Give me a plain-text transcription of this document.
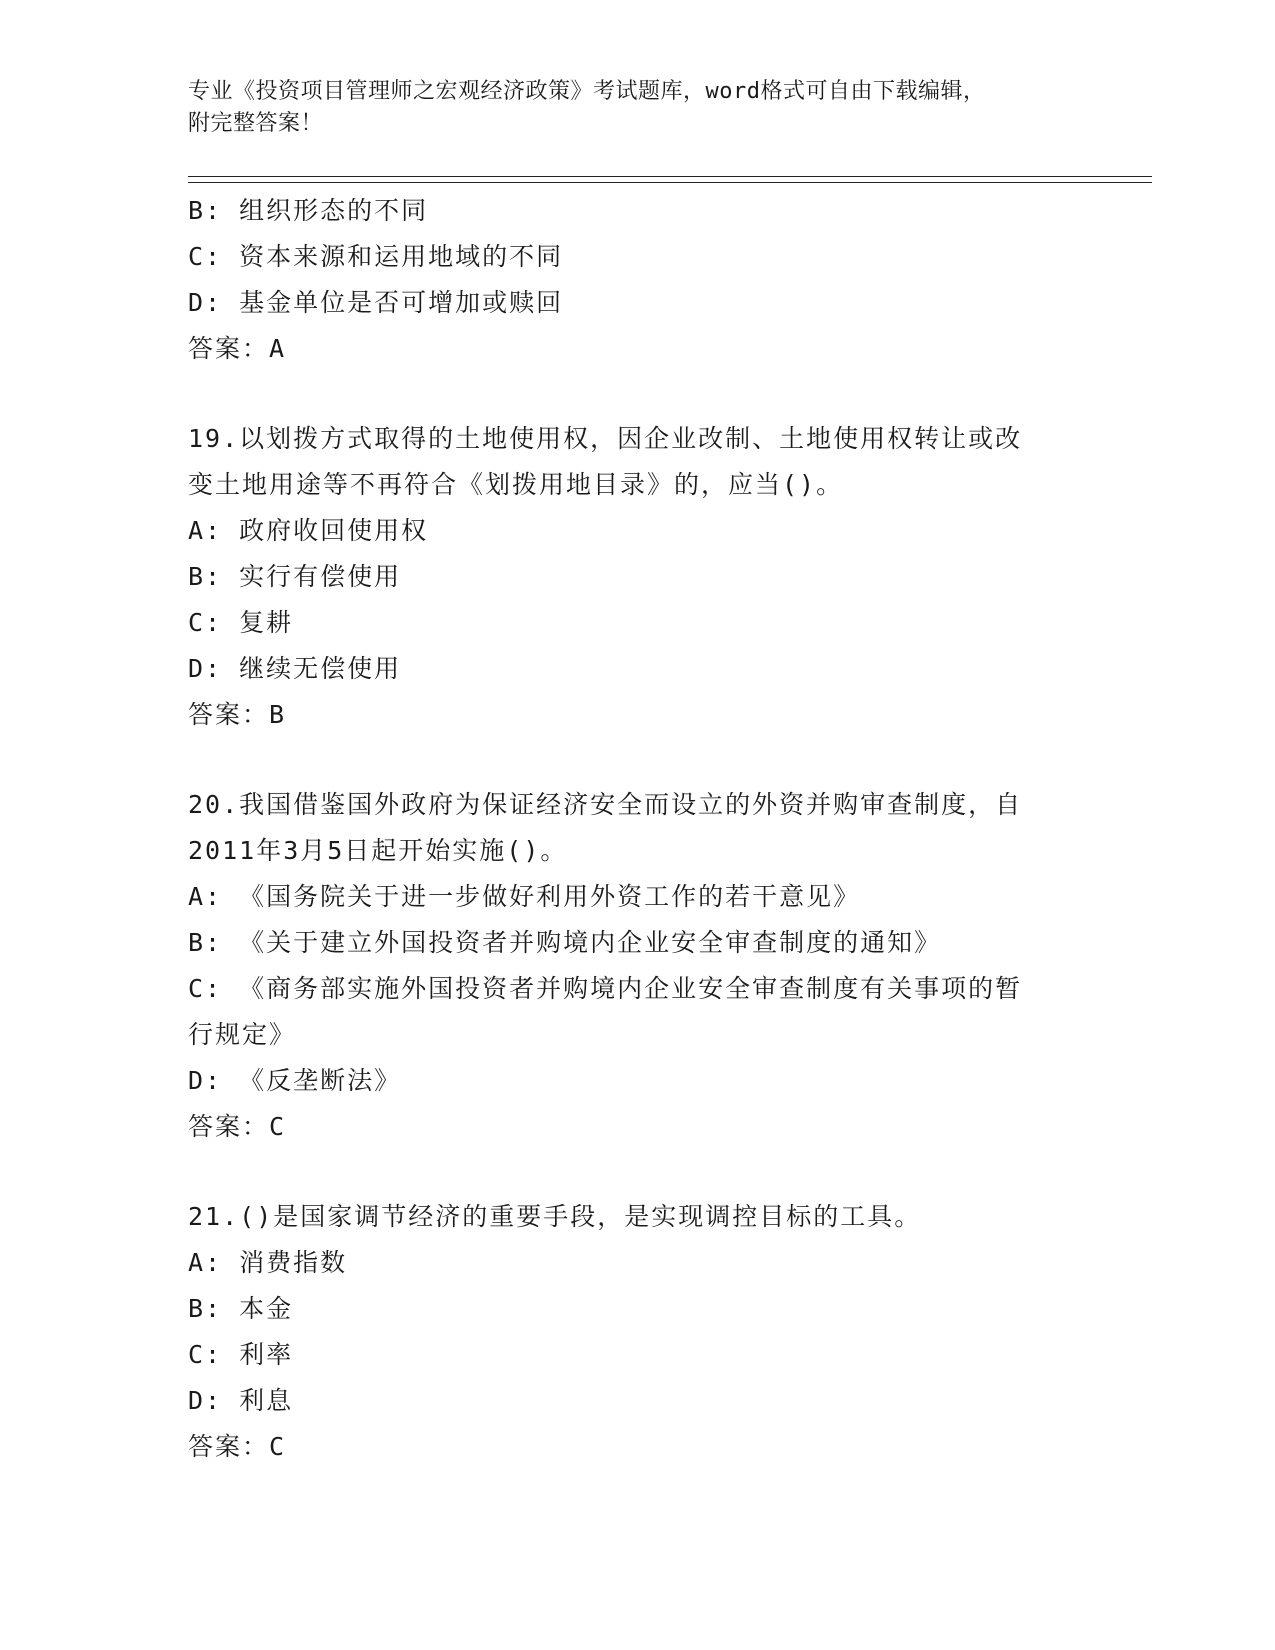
专业《投资项目管理师之宏观经济政策》考试题库，word格式可自由下载编辑，
附完整答案！
B: 组织形态的不同
C: 资本来源和运用地域的不同
D: 基金单位是否可增加或赎回
答案：A
19.以划拨方式取得的土地使用权，因企业改制、土地使用权转让或改
变土地用途等不再符合《划拨用地目录》的，应当()。
A: 政府收回使用权
B: 实行有偿使用
C: 复耕
D: 继续无偿使用
答案：B
20.我国借鉴国外政府为保证经济安全而设立的外资并购审查制度，自
2011年3月5日起开始实施()。
A: 《国务院关于进一步做好利用外资工作的若干意见》
B: 《关于建立外国投资者并购境内企业安全审查制度的通知》
C: 《商务部实施外国投资者并购境内企业安全审查制度有关事项的暂
行规定》
D: 《反垄断法》
答案：C
21.()是国家调节经济的重要手段，是实现调控目标的工具。
A: 消费指数
B: 本金
C: 利率
D: 利息
答案：C
